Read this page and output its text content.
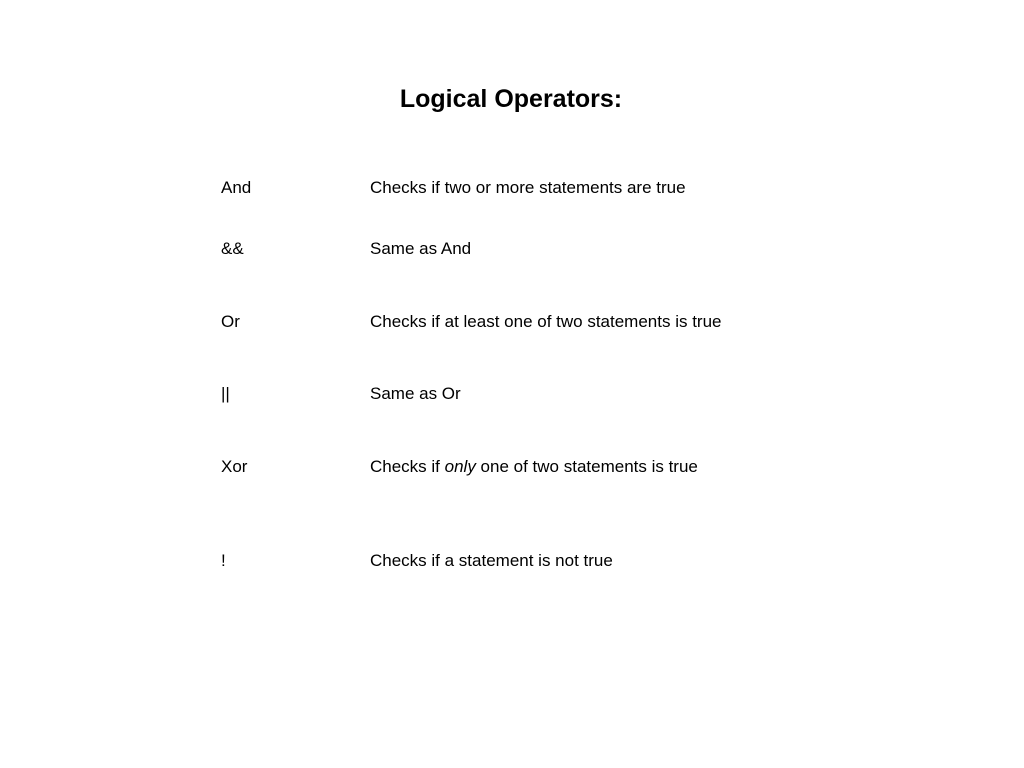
Logical Operators:
And	Checks if two or more statements are true
&&	Same as And
Or	Checks if at least one of two statements is true
||	Same as Or
Xor	Checks if only one of two statements is true
!	Checks if a statement is not true
